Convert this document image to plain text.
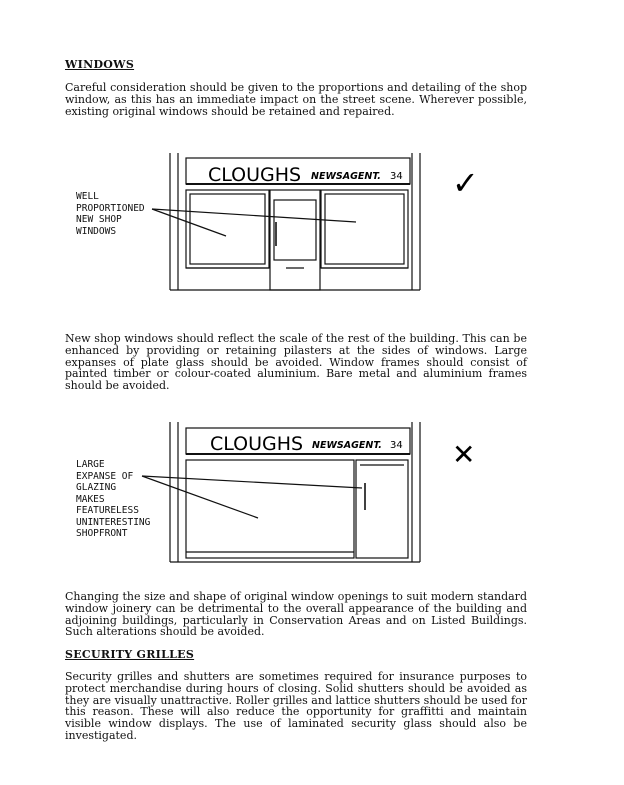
WINDOWS

Careful consideration should be given to the proportions and detailing of the shop window, as this has an immediate impact on the street scene. Wherever possible, existing original windows should be retained and repaired.

CLOUGHS NEWSAGENT. 34 ✓

WELL
PROPORTIONED
NEW SHOP
WINDOWS

New shop windows should reflect the scale of the rest of the building. This can be enhanced by providing or retaining pilasters at the sides of windows. Large expanses of plate glass should be avoided. Window frames should consist of painted timber or colour-coated aluminium. Bare metal and aluminium frames should be avoided.

CLOUGHS NEWSAGENT. 34 ✕

LARGE
EXPANSE OF
GLAZING
MAKES
FEATURELESS
UNINTERESTING
SHOPFRONT

Changing the size and shape of original window openings to suit modern standard window joinery can be detrimental to the overall appearance of the building and adjoining buildings, particularly in Conservation Areas and on Listed Buildings. Such alterations should be avoided.

SECURITY GRILLES

Security grilles and shutters are sometimes required for insurance purposes to protect merchandise during hours of closing. Solid shutters should be avoided as they are visually unattractive. Roller grilles and lattice shutters should be used for this reason. These will also reduce the opportunity for graffitti and maintain visible window displays. The use of laminated security glass should also be investigated.
